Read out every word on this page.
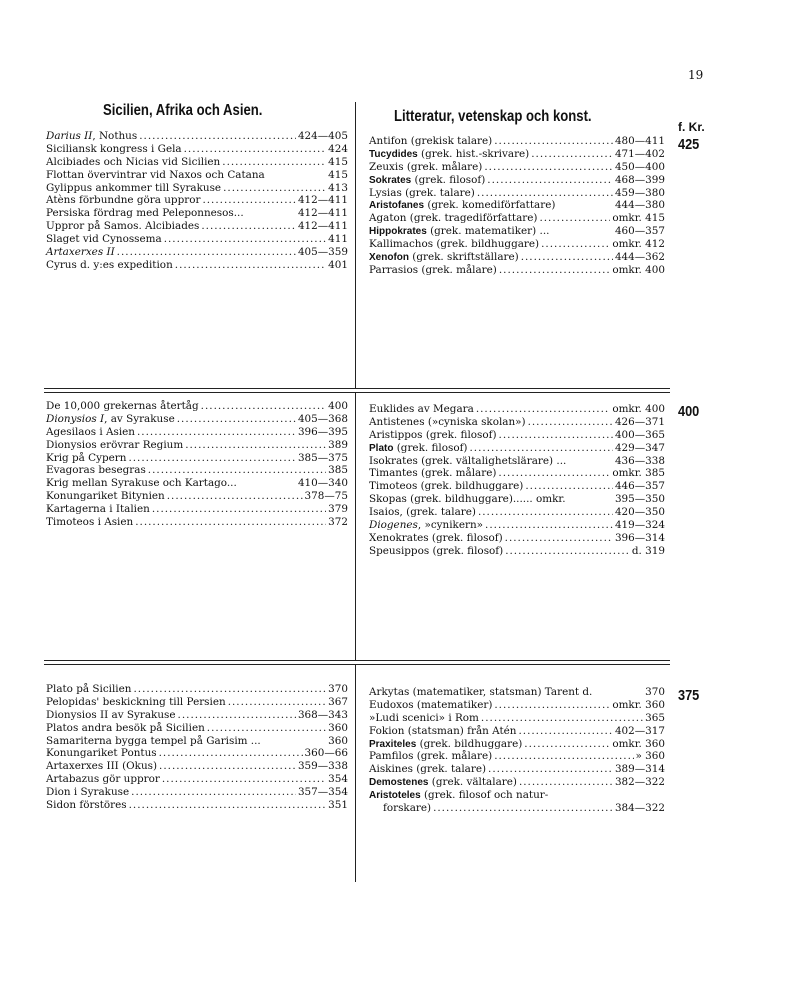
19
Sicilien, Afrika och Asien.	Litteratur, vetenskap och konst.
f. Kr.
Darius II, Nothus .....	424—405
Siciliansk kongress i Gela .....	424
Alcibiades och Nicias vid Sicilien .....	415
Flottan övervintrar vid Naxos och Catana	415
Gylippus ankommer till Syrakuse .....	413
Atèns förbundne göra uppror .....	412—411
Persiska fördrag med Peleponnesos...	412—411
Uppror på Samos. Alcibiades .....	412—411
Slaget vid Cynossema .....	411
Artaxerxes II .....	405—359
Cyrus d. y:es expedition .....	401
Antifon (grekisk talare) .....	480—411
Tucydides (grek. hist.-skrivare) .....	471—402
Zeuxis (grek. målare) .....	450—400
Sokrates (grek. filosof) .....	468—399
Lysias (grek. talare) .....	459—380
Aristofanes (grek. komediförfattare)	444—380
Agaton (grek. tragediförfattare) .....	omkr. 415
Hippokrates (grek. matematiker) ...	460—357
Kallimachos (grek. bildhuggare) .....	omkr. 412
Xenofon (grek. skriftställare) .....	444—362
Parrasios (grek. målare) .....	omkr. 400
425
De 10,000 grekernas återtåg .....	400
Dionysios I, av Syrakuse .....	405—368
Agesilaos i Asien .....	396—395
Dionysios erövrar Regium .....	389
Krig på Cypern .....	385—375
Evagoras besegras .....	385
Krig mellan Syrakuse och Kartago...	410—340
Konungariket Bitynien .....	378—75
Kartagerna i Italien .....	379
Timoteos i Asien .....	372
Euklides av Megara .....	omkr. 400
Antistenes (»cyniska skolan») .....	426—371
Aristippos (grek. filosof) .....	400—365
Plato (grek. filosof) .....	429—347
Isokrates (grek. vältalighetslärare) ...	436—338
Timantes (grek. målare) .....	omkr. 385
Timoteos (grek. bildhuggare) .....	446—357
Skopas (grek. bildhuggare)...... omkr.	395—350
Isaios, (grek. talare) .....	420—350
Diogenes, »cynikern» .....	419—324
Xenokrates (grek. filosof) .....	396—314
Speusippos (grek. filosof) .....	d. 319
400
Plato på Sicilien .....	370
Pelopidas' beskickning till Persien .....	367
Dionysios II av Syrakuse .....	368—343
Platos andra besök på Sicilien .....	360
Samariterna bygga tempel på Garisim ...	360
Konungariket Pontus .....	360—66
Artaxerxes III (Okus) .....	359—338
Artabazus gör uppror .....	354
Dion i Syrakuse .....	357—354
Sidon förstöres .....	351
Arkytas (matematiker, statsman) Tarent d.	370
Eudoxos (matematiker) .....	omkr. 360
»Ludi scenici» i Rom .....	365
Fokion (statsman) från Atén .....	402—317
Praxiteles (grek. bildhuggare) .....	omkr. 360
Pamfilos (grek. målare) .....	» 360
Aiskines (grek. talare) .....	389—314
Demostenes (grek. vältalare) .....	382—322
Aristoteles (grek. filosof och natur-
forskare) .....	384—322
375
